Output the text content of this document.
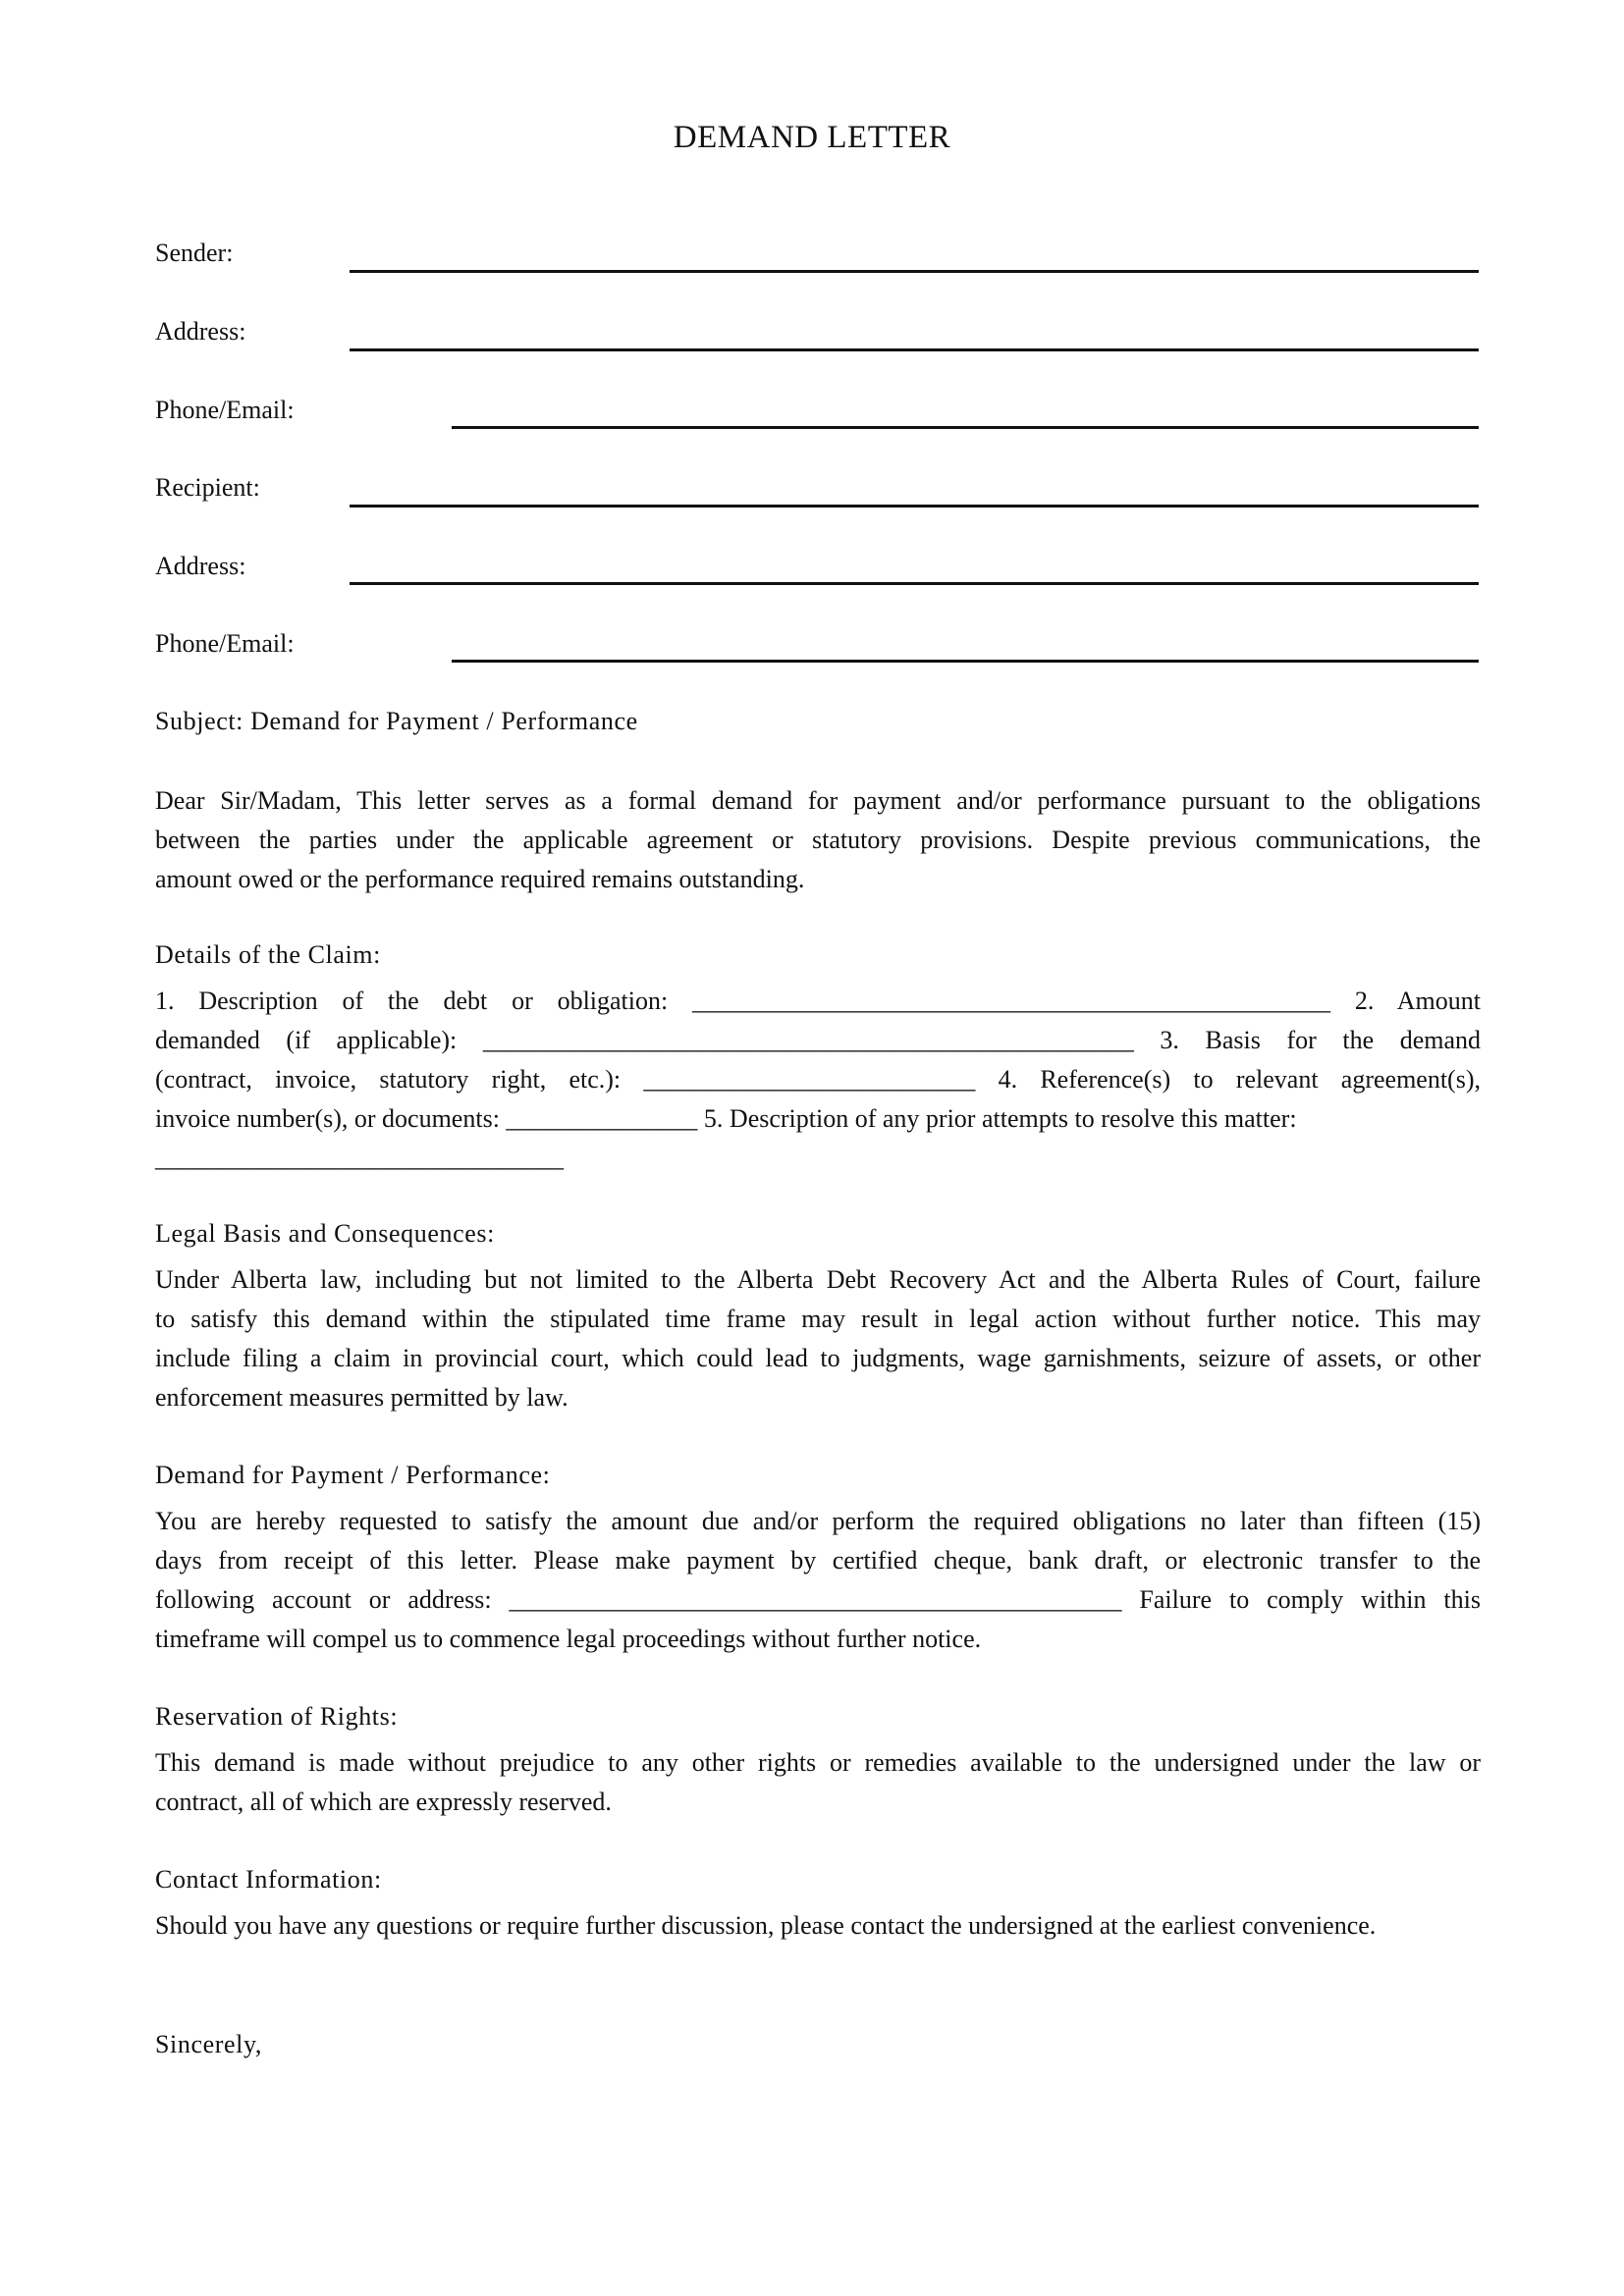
DEMAND LETTER
Sender:
Address:
Phone/Email:
Recipient:
Address:
Phone/Email:
Subject: Demand for Payment / Performance
Dear Sir/Madam, This letter serves as a formal demand for payment and/or performance pursuant to the obligations
between the parties under the applicable agreement or statutory provisions. Despite previous communications, the
amount owed or the performance required remains outstanding.
Details of the Claim:
1. Description of the debt or obligation: __________________________________________________ 2. Amount
demanded (if applicable): ___________________________________________________ 3. Basis for the demand
(contract, invoice, statutory right, etc.): __________________________ 4. Reference(s) to relevant agreement(s),
invoice number(s), or documents: _______________ 5. Description of any prior attempts to resolve this matter:
________________________________
Legal Basis and Consequences:
Under Alberta law, including but not limited to the Alberta Debt Recovery Act and the Alberta Rules of Court, failure
to satisfy this demand within the stipulated time frame may result in legal action without further notice. This may
include filing a claim in provincial court, which could lead to judgments, wage garnishments, seizure of assets, or other
enforcement measures permitted by law.
Demand for Payment / Performance:
You are hereby requested to satisfy the amount due and/or perform the required obligations no later than fifteen (15)
days from receipt of this letter. Please make payment by certified cheque, bank draft, or electronic transfer to the
following account or address: ________________________________________________ Failure to comply within this
timeframe will compel us to commence legal proceedings without further notice.
Reservation of Rights:
This demand is made without prejudice to any other rights or remedies available to the undersigned under the law or
contract, all of which are expressly reserved.
Contact Information:
Should you have any questions or require further discussion, please contact the undersigned at the earliest convenience.
Sincerely,
